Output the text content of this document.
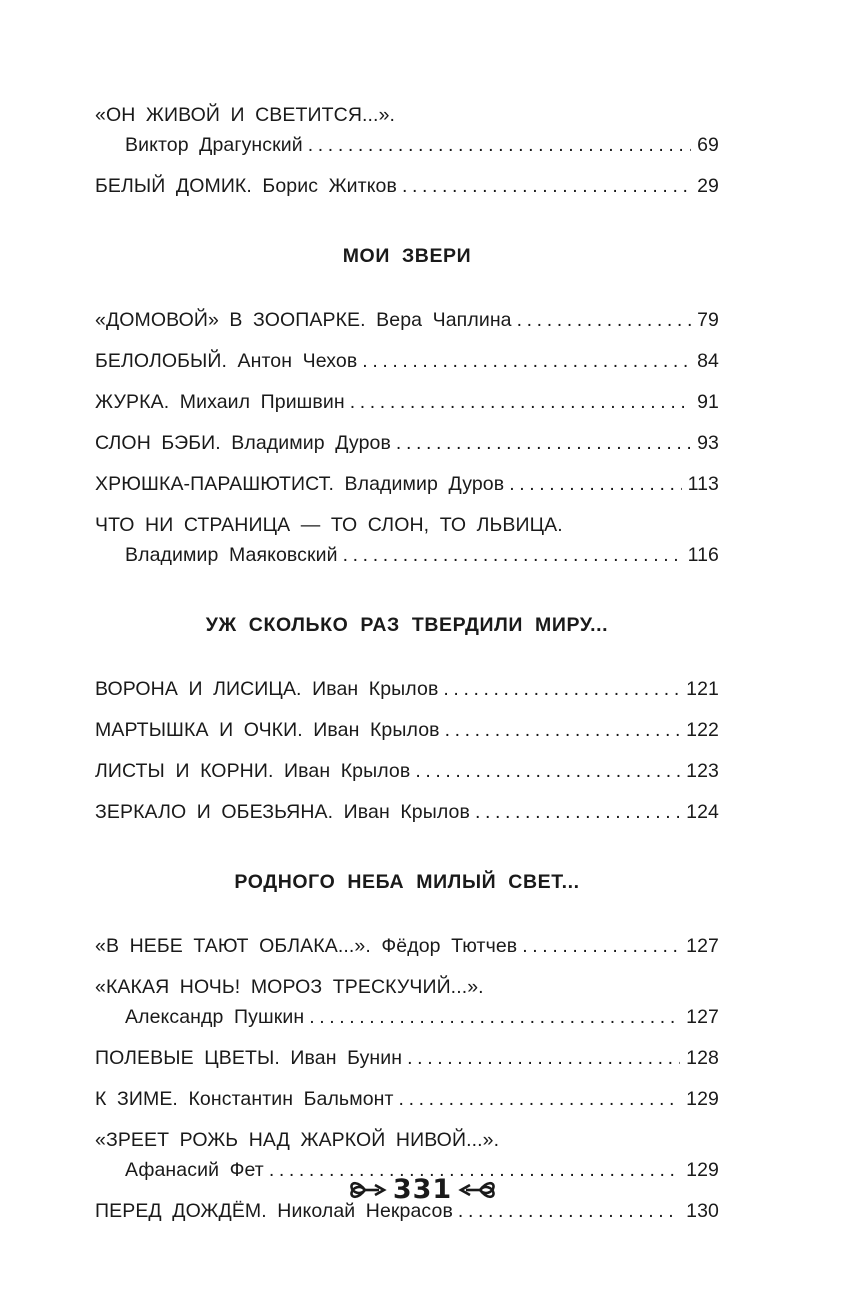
«ОН ЖИВОЙ И СВЕТИТСЯ...».
Виктор Драгунский .....	69
БЕЛЫЙ ДОМИК. Борис Житков .....	29
МОИ ЗВЕРИ
«ДОМОВОЙ» В ЗООПАРКЕ. Вера Чаплина .....	79
БЕЛОЛОБЫЙ. Антон Чехов .....	84
ЖУРКА. Михаил Пришвин .....	91
СЛОН БЭБИ. Владимир Дуров .....	93
ХРЮШКА-ПАРАШЮТИСТ. Владимир Дуров .....	113
ЧТО НИ СТРАНИЦА — ТО СЛОН, ТО ЛЬВИЦА.
Владимир Маяковский .....	116
УЖ СКОЛЬКО РАЗ ТВЕРДИЛИ МИРУ...
ВОРОНА И ЛИСИЦА. Иван Крылов .....	121
МАРТЫШКА И ОЧКИ. Иван Крылов .....	122
ЛИСТЫ И КОРНИ. Иван Крылов .....	123
ЗЕРКАЛО И ОБЕЗЬЯНА. Иван Крылов .....	124
РОДНОГО НЕБА МИЛЫЙ СВЕТ...
«В НЕБЕ ТАЮТ ОБЛАКА...». Фёдор Тютчев .....	127
«КАКАЯ НОЧЬ! МОРОЗ ТРЕСКУЧИЙ...».
Александр Пушкин .....	127
ПОЛЕВЫЕ ЦВЕТЫ. Иван Бунин .....	128
К ЗИМЕ. Константин Бальмонт .....	129
«ЗРЕЕТ РОЖЬ НАД ЖАРКОЙ НИВОЙ...».
Афанасий Фет .....	129
ПЕРЕД ДОЖДЁМ. Николай Некрасов .....	130
331
